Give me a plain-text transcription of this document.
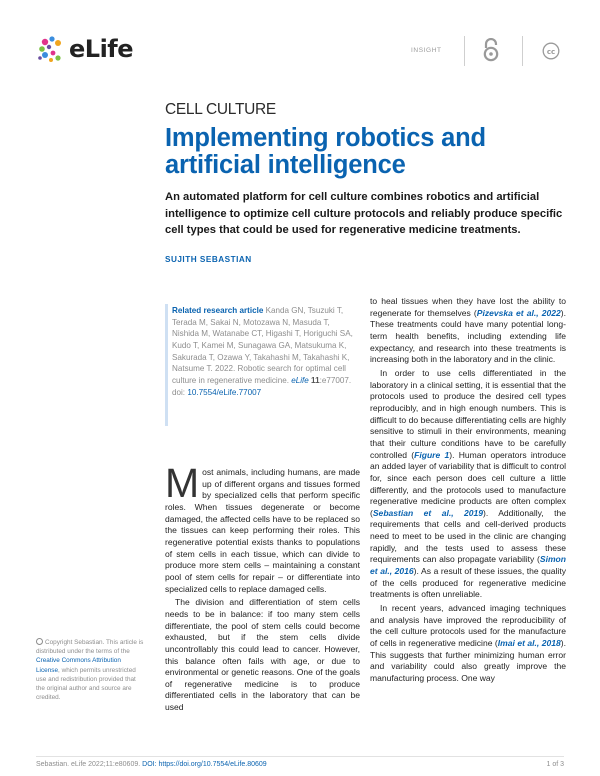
eLife	INSIGHT	cc
CELL CULTURE
Implementing robotics and artificial intelligence

An automated platform for cell culture combines robotics and artificial intelligence to optimize cell culture protocols and reliably produce specific cell types that could be used for regenerative medicine treatments.

SUJITH SEBASTIAN
Related research article Kanda GN, Tsuzuki T, Terada M, Sakai N, Motozawa N, Masuda T, Nishida M, Watanabe CT, Higashi T, Horiguchi SA, Kudo T, Kamei M, Sunagawa GA, Matsukuma K, Sakurada T, Ozawa Y, Takahashi M, Takahashi K, Natsume T. 2022. Robotic search for optimal cell culture in regenerative medicine. eLife 11:e77007. doi: 10.7554/eLife.77007

Most animals, including humans, are made up of different organs and tissues formed by specialized cells that perform specific roles. When tissues degenerate or become damaged, the affected cells have to be replaced so the tissues can keep performing their roles. This regenerative potential exists thanks to populations of stem cells in each tissue, which can divide to produce more stem cells – maintaining a constant pool of stem cells for repair – or differentiate into specialized cells to replace damaged cells.

The division and differentiation of stem cells needs to be in balance: if too many stem cells differentiate, the pool of stem cells could become exhausted, but if the stem cells divide uncontrollably this could lead to cancer. However, this balance often fails with age, or due to environmental or genetic reasons. One of the goals of regenerative medicine is to produce differentiated cells in the laboratory that can be used

to heal tissues when they have lost the ability to regenerate for themselves (Pizevska et al., 2022). These treatments could have many potential long-term health benefits, including extending life expectancy, and research into these treatments is increasing both in the laboratory and in the clinic.

In order to use cells differentiated in the laboratory in a clinical setting, it is essential that the protocols used to produce the desired cell types reproducibly, and in high enough numbers. This is difficult to do because differentiating cells are highly sensitive to stimuli in their environments, meaning that their culture conditions have to be carefully controlled (Figure 1). Human operators introduce an added layer of variability that is difficult to control for, since each person does cell culture a little differently, and the protocols used to manufacture regenerative medicine products are often complex (Sebastian et al., 2019). Additionally, the requirements that cells and cell-derived products need to meet to be used in the clinic are changing rapidly, and the tests used to assess these requirements can also propagate variability (Simon et al., 2016). As a result of these issues, the quality of the cells produced for regenerative medicine treatments is often unreliable.

In recent years, advanced imaging techniques and analysis have improved the reproducibility of the cell culture protocols used for the manufacture of cells in regenerative medicine (Imai et al., 2018). This suggests that further minimizing human error and variability could also greatly improve the manufacturing process. One way

Copyright Sebastian. This article is distributed under the terms of the Creative Commons Attribution License, which permits unrestricted use and redistribution provided that the original author and source are credited.
Sebastian. eLife 2022;11:e80609. DOI: https://doi.org/10.7554/eLife.80609	1 of 3
